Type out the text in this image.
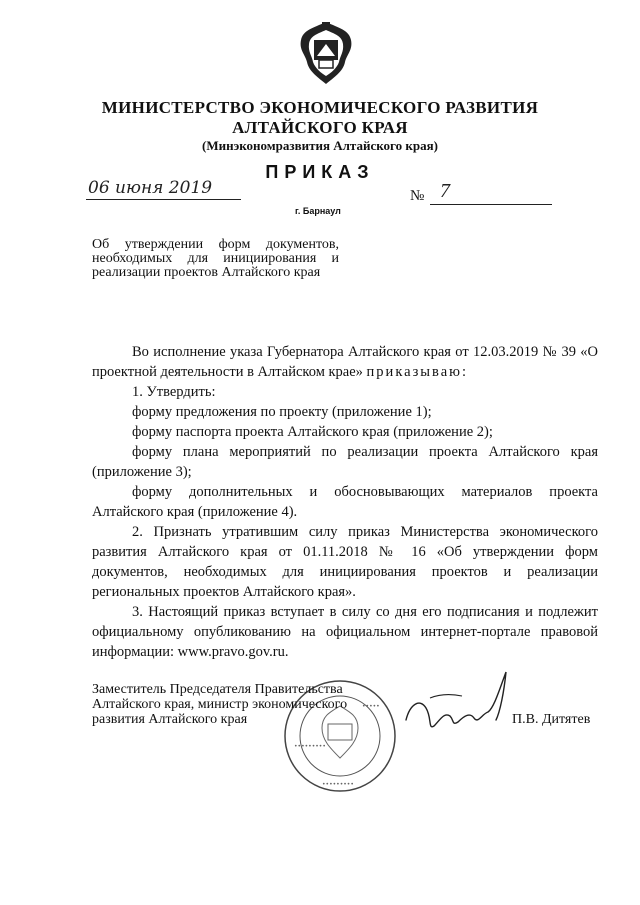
МИНИСТЕРСТВО ЭКОНОМИЧЕСКОГО РАЗВИТИЯ
АЛТАЙСКОГО КРАЯ
(Минэкономразвития Алтайского края)
ПРИКАЗ
06 июня 2019	№ 7
г. Барнаул
Об утверждении форм документов, необходимых для инициирования и реализации проектов Алтайского края

Во исполнение указа Губернатора Алтайского края от 12.03.2019 № 39 «О проектной деятельности в Алтайском крае» приказываю:

1. Утвердить:

форму предложения по проекту (приложение 1);

форму паспорта проекта Алтайского края (приложение 2);

форму плана мероприятий по реализации проекта Алтайского края (приложение 3);

форму дополнительных и обосновывающих материалов проекта Алтайского края (приложение 4).

2. Признать утратившим силу приказ Министерства экономического развития Алтайского края от 01.11.2018 № 16 «Об утверждении форм документов, необходимых для инициирования проектов и реализации региональных проектов Алтайского края».

3. Настоящий приказ вступает в силу со дня его подписания и подлежит официальному опубликованию на официальном интернет-портале правовой информации: www.pravo.gov.ru.

•••••••••
•••••
•••••••••
Заместитель Председателя Правительства
Алтайского края, министр экономического
развития Алтайского края	П.В. Дитятев
